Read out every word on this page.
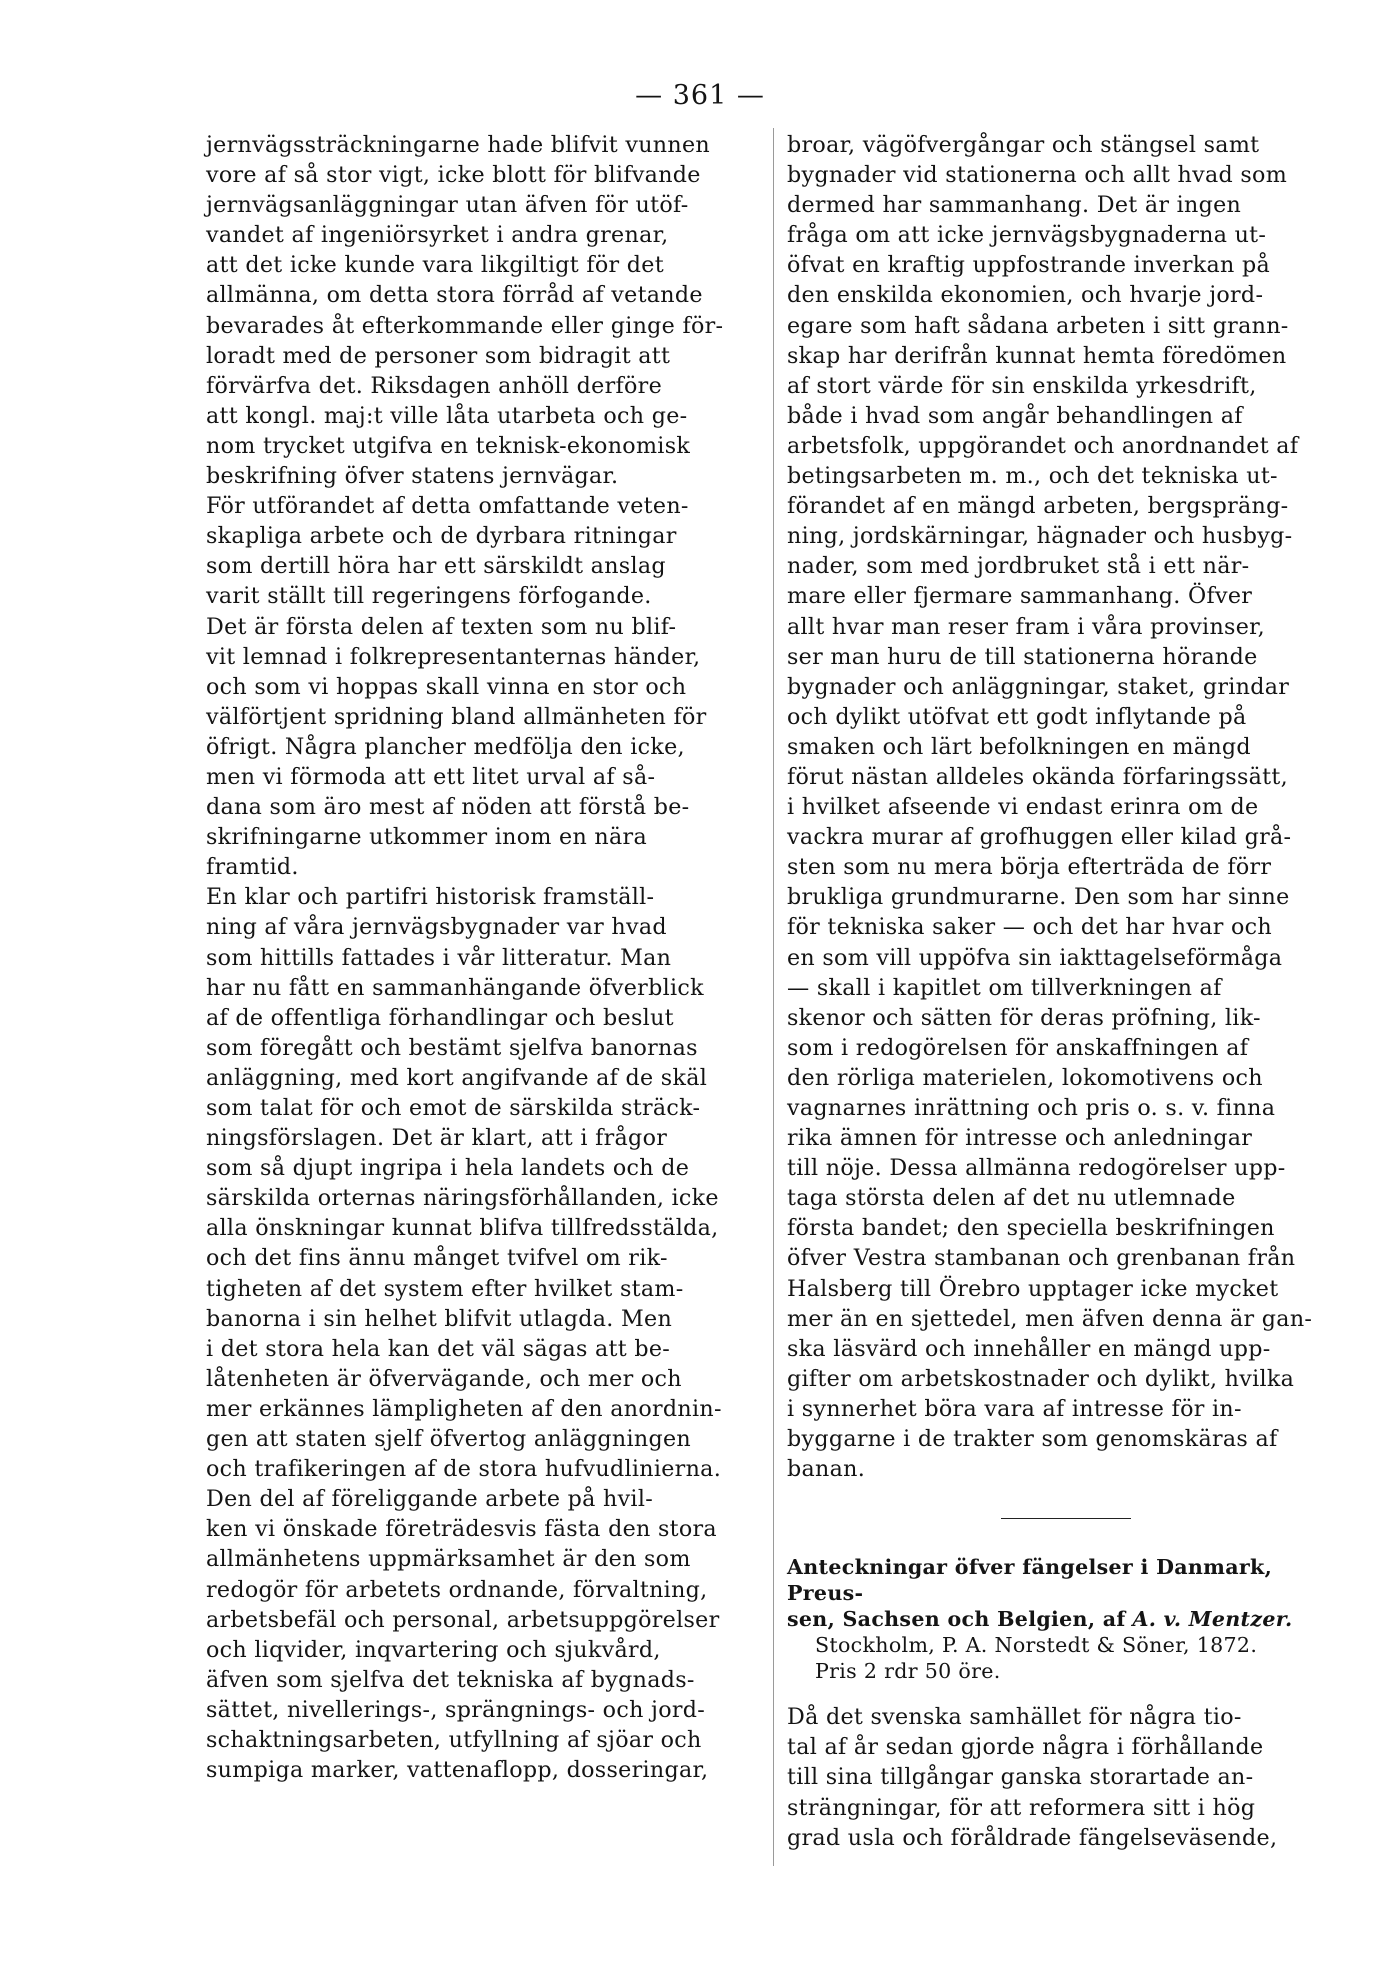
— 361 —

jernvägssträckningarne hade blifvit vunnen
vore af så stor vigt, icke blott för blifvande
jernvägsanläggningar utan äfven för utöf-
vandet af ingeniörsyrket i andra grenar,
att det icke kunde vara likgiltigt för det
allmänna, om detta stora förråd af vetande
bevarades åt efterkommande eller ginge för-
loradt med de personer som bidragit att
förvärfva det. Riksdagen anhöll derföre
att kongl. maj:t ville låta utarbeta och ge-
nom trycket utgifva en teknisk-ekonomisk
beskrifning öfver statens jernvägar.

För utförandet af detta omfattande veten-
skapliga arbete och de dyrbara ritningar
som dertill höra har ett särskildt anslag
varit ställt till regeringens förfogande.
Det är första delen af texten som nu blif-
vit lemnad i folkrepresentanternas händer,
och som vi hoppas skall vinna en stor och
välförtjent spridning bland allmänheten för
öfrigt. Några plancher medfölja den icke,
men vi förmoda att ett litet urval af så-
dana som äro mest af nöden att förstå be-
skrifningarne utkommer inom en nära
framtid.

En klar och partifri historisk framställ-
ning af våra jernvägsbygnader var hvad
som hittills fattades i vår litteratur. Man
har nu fått en sammanhängande öfverblick
af de offentliga förhandlingar och beslut
som föregått och bestämt sjelfva banornas
anläggning, med kort angifvande af de skäl
som talat för och emot de särskilda sträck-
ningsförslagen. Det är klart, att i frågor
som så djupt ingripa i hela landets och de
särskilda orternas näringsförhållanden, icke
alla önskningar kunnat blifva tillfredsstälda,
och det fins ännu månget tvifvel om rik-
tigheten af det system efter hvilket stam-
banorna i sin helhet blifvit utlagda. Men
i det stora hela kan det väl sägas att be-
låtenheten är öfvervägande, och mer och
mer erkännes lämpligheten af den anordnin-
gen att staten sjelf öfvertog anläggningen
och trafikeringen af de stora hufvudlinierna.

Den del af föreliggande arbete på hvil-
ken vi önskade företrädesvis fästa den stora
allmänhetens uppmärksamhet är den som
redogör för arbetets ordnande, förvaltning,
arbetsbefäl och personal, arbetsuppgörelser
och liqvider, inqvartering och sjukvård,
äfven som sjelfva det tekniska af bygnads-
sättet, nivellerings-, sprängnings- och jord-
schaktningsarbeten, utfyllning af sjöar och
sumpiga marker, vattenaflopp, dosseringar,

broar, vägöfvergångar och stängsel samt
bygnader vid stationerna och allt hvad som
dermed har sammanhang. Det är ingen
fråga om att icke jernvägsbygnaderna ut-
öfvat en kraftig uppfostrande inverkan på
den enskilda ekonomien, och hvarje jord-
egare som haft sådana arbeten i sitt grann-
skap har derifrån kunnat hemta föredömen
af stort värde för sin enskilda yrkesdrift,
både i hvad som angår behandlingen af
arbetsfolk, uppgörandet och anordnandet af
betingsarbeten m. m., och det tekniska ut-
förandet af en mängd arbeten, bergspräng-
ning, jordskärningar, hägnader och husbyg-
nader, som med jordbruket stå i ett när-
mare eller fjermare sammanhang. Öfver
allt hvar man reser fram i våra provinser,
ser man huru de till stationerna hörande
bygnader och anläggningar, staket, grindar
och dylikt utöfvat ett godt inflytande på
smaken och lärt befolkningen en mängd
förut nästan alldeles okända förfaringssätt,
i hvilket afseende vi endast erinra om de
vackra murar af grofhuggen eller kilad grå-
sten som nu mera börja efterträda de förr
brukliga grundmurarne. Den som har sinne
för tekniska saker — och det har hvar och
en som vill uppöfva sin iakttagelseförmåga
— skall i kapitlet om tillverkningen af
skenor och sätten för deras pröfning, lik-
som i redogörelsen för anskaffningen af
den rörliga materielen, lokomotivens och
vagnarnes inrättning och pris o. s. v. finna
rika ämnen för intresse och anledningar
till nöje. Dessa allmänna redogörelser upp-
taga största delen af det nu utlemnade
första bandet; den speciella beskrifningen
öfver Vestra stambanan och grenbanan från
Halsberg till Örebro upptager icke mycket
mer än en sjettedel, men äfven denna är gan-
ska läsvärd och innehåller en mängd upp-
gifter om arbetskostnader och dylikt, hvilka
i synnerhet böra vara af intresse för in-
byggarne i de trakter som genomskäras af
banan.

Anteckningar öfver fängelser i Danmark, Preus-
sen, Sachsen och Belgien, af A. v. Mentzer.
Stockholm, P. A. Norstedt & Söner, 1872.
Pris 2 rdr 50 öre.

Då det svenska samhället för några tio-
tal af år sedan gjorde några i förhållande
till sina tillgångar ganska storartade an-
strängningar, för att reformera sitt i hög
grad usla och föråldrade fängelseväsende,
